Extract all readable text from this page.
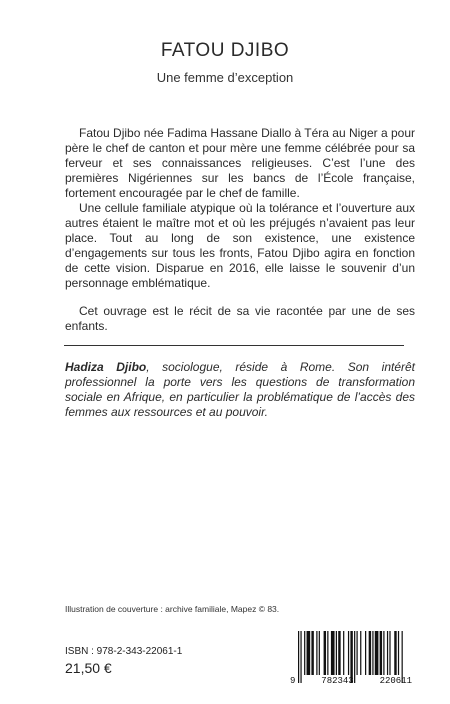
FATOU DJIBO
Une femme d’exception

Fatou Djibo née Fadima Hassane Diallo à Téra au Niger a pour père le chef de canton et pour mère une femme célébrée pour sa ferveur et ses connaissances religieuses. C’est l’une des premières Nigériennes sur les bancs de l’École française, fortement encouragée par le chef de famille.

Une cellule familiale atypique où la tolérance et l’ouverture aux autres étaient le maître mot et où les préjugés n’avaient pas leur place. Tout au long de son existence, une existence d’engagements sur tous les fronts, Fatou Djibo agira en fonction de cette vision. Disparue en 2016, elle laisse le souvenir d’un personnage emblématique.

Cet ouvrage est le récit de sa vie racontée par une de ses enfants.

Hadiza Djibo, sociologue, réside à Rome. Son intérêt professionnel la porte vers les questions de transformation sociale en Afrique, en particulier la problématique de l’accès des femmes aux ressources et au pouvoir.
Illustration de couverture : archive familiale, Mapez © 83.
ISBN : 978-2-343-22061-1
21,50 €
9	782343	220611
